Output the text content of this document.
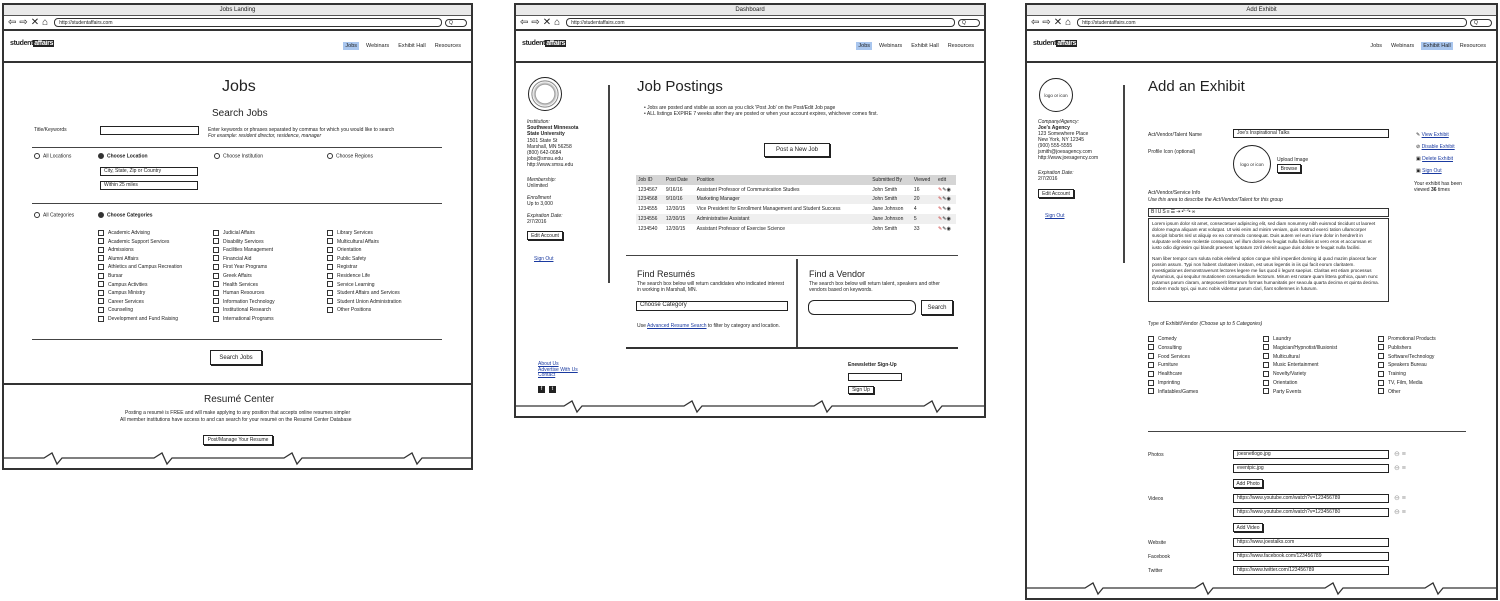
Jobs Landing
⇦ ⇨ ✕ ⌂	http://studentaffairs.com	Q
studentaffairs	Jobs	Webinars	Exhibit Hall	Resources
Jobs
Search Jobs
Title/Keywords	Enter keywords or phrases separated by commas for which you would like to search
For example: resident director, residence, manager
All Locations	Choose Location	Choose Institution	Choose Regions
City, State, Zip or Country
Within 25 miles
All Categories	Choose Categories
Academic Advising
Academic Support Services
Admissions
Alumni Affairs
Athletics and Campus Recreation
Bursar
Campus Activities
Campus Ministry
Career Services
Counseling
Development and Fund Raising
Judicial Affairs
Disability Services
Facilities Management
Financial Aid
First Year Programs
Greek Affairs
Health Services
Human Resources
Information Technology
Institutional Research
International Programs
Library Services
Multicultural Affairs
Orientation
Public Safety
Registrar
Residence Life
Service Learning
Student Affairs and Services
Student Union Administration
Other Positions
Search Jobs
Resumé Center
Posting a resumé is FREE and will make applying to any position that accepts online resumes simpler
All member institutions have access to and can search for your resumé on the Resumé Center Database
Post/Manage Your Resume
Dashboard
⇦ ⇨ ✕ ⌂	http://studentaffairs.com	Q
studentaffairs	Jobs	Webinars	Exhibit Hall	Resources
Institution:
Southwest Minnesota State University
1501 State St
Marshall, MN 56258
(800) 642-0684
jobs@smsu.edu
http://www.smsu.edu
Membership:
Unlimited
Enrollment
Up to 3,000
Expiration Date:
2/7/2016
Edit Account
Sign Out
Job Postings
• Jobs are posted and visible as soon as you click 'Post Job' on the Post/Edit Job page
• ALL listings EXPIRE 7 weeks after they are posted or when your account expires, whichever comes first.
Post a New Job
Job ID	Post Date	Position	Submitted By	Viewed	edit
1234567	9/16/16	Assistant Professor of Communication Studies	John Smith	16	✎✎◉
1234568	9/10/16	Marketing Manager	John Smith	20	✎✎◉
1234555	12/30/15	Vice President for Enrollment Management and Student Success	Jane Johnson	4	✎✎◉
1234556	12/30/15	Administrative Assistant	Jane Johnson	5	✎✎◉
1234540	12/30/15	Assistant Professor of Exercise Science	John Smith	33	✎✎◉
Find Resumés
The search box below will return candidates who indicated interest in working in Marshall, MN.
Choose Category
Use Advanced Resume Search to filter by category and location.
Find a Vendor
The search box below will return talent, speakers and other vendors based on keywords.
Search
About Us
Advertise With Us
Contact
f	t
Enewsletter Sign-Up
Sign Up
Add Exhibit
⇦ ⇨ ✕ ⌂	http://studentaffairs.com	Q
studentaffairs	Jobs	Webinars	Exhibit Hall	Resources
logo or icon
Company/Agency:
Joe's Agency
123 Somewhere Place
New York, NY 12345
(900) 555-5555
jsmith@joesagency.com
http://www.joesagency.com
Expiration Date:
2/7/2016
Edit Account
Sign Out
Add an Exhibit
Act/Vendor/Talent Name	Joe's Inspirational Talks
Profile Icon (optional)
logo or icon
Upload Image
Browse
Act/Vendor/Service Info
Use this area to describe the Act/Vendor/Talent for this group
BIUS≡☰⇥↶↷∞
Lorem ipsum dolor sit amet, consectetuer adipiscing elit, sed diam nonummy nibh euismod tincidunt ut laoreet dolore magna aliquam erat volutpat. Ut wisi enim ad minim veniam, quis nostrud exerci tation ullamcorper suscipit lobortis nisl ut aliquip ex ea commodo consequat. Duis autem vel eum iriure dolor in hendrerit in vulputate velit esse molestie consequat, vel illum dolore eu feugiat nulla facilisis at vero eros et accumsan et iusto odio dignissim qui blandit praesent luptatum zzril delenit augue duis dolore te feugait nulla facilisi.
Nam liber tempor cum soluta nobis eleifend option congue nihil imperdiet doming id quod mazim placerat facer possim assum. Typi non habent claritatem insitam, est usus legentis in iis qui facit eorum claritatem. Investigationes demonstraverunt lectores legere me lius quod ii legunt saepius. Claritas est etiam processus dynamicus, qui sequitur mutationem consuetudium lectorum. Mirum est notare quam littera gothica, quam nunc putamus parum claram, anteposuerit litterarum formas humanitatis per seacula quarta decima et quinta decima. Eodem modo typi, qui nunc nobis videntur parum clari, fiant sollemnes in futurum.
✎ View Exhibit
⊘ Disable Exhibit
▣ Delete Exhibit
▣ Sign Out
Your exhibit has been viewed 36 times
Type of Exhibit/Vendor (Choose up to 5 Categories)
Comedy
Consulting
Food Services
Furniture
Healthcare
Imprinting
Inflatables/Games
Laundry
Magician/Hypnotist/Illusionist
Multicultural
Music Entertainment
Novelty/Variety
Orientation
Party Events
Promotional Products
Publishers
Software/Technology
Speakers Bureau
Training
TV, Film, Media
Other
Photos	joesnetlogo.jpg
eventpic.jpg
⊖ ≡
⊖ ≡
Add Photo
Videos	https://www.youtube.com/watch?v=123456789
https://www.youtube.com/watch?v=123456780
⊖ ≡
⊖ ≡
Add Video
Website	https://www.joestalks.com
Facebook	https://www.facebook.com/123456789
Twitter	https://www.twitter.com/123456789
